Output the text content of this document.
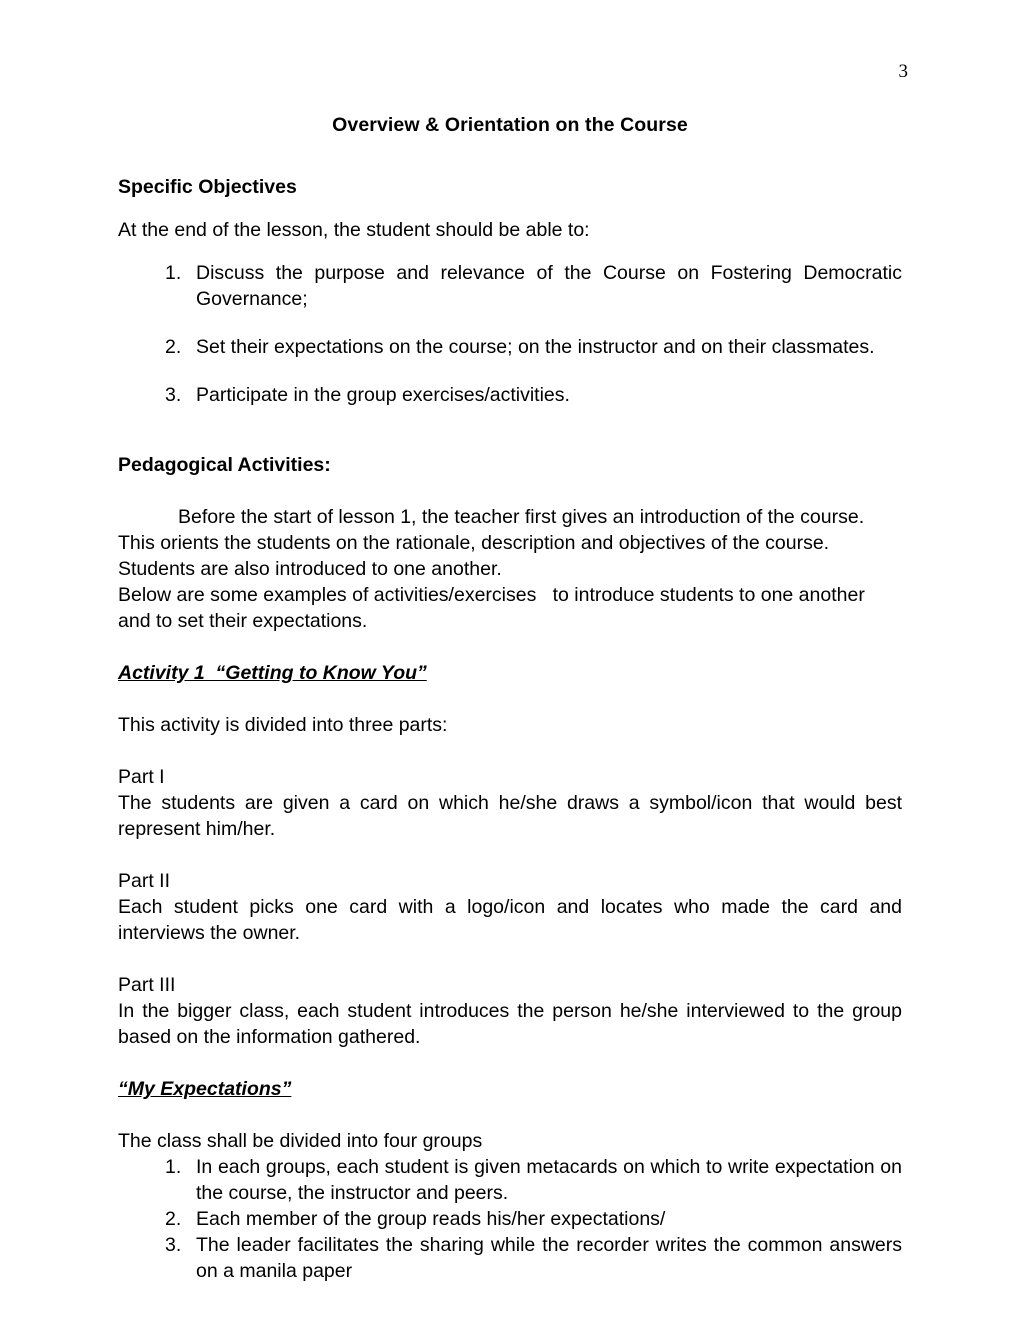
3
Overview & Orientation on the Course
Specific Objectives

At the end of the lesson, the student should be able to:

1. Discuss the purpose and relevance of the Course on Fostering Democratic Governance;
2. Set their expectations on the course; on the instructor and on their classmates.
3. Participate in the group exercises/activities.
Pedagogical Activities:

Before the start of lesson 1, the teacher first gives an introduction of the course.

This orients the students on the rationale, description and objectives of the course.

Students are also introduced to one another.

Below are some examples of activities/exercises   to introduce students to one another and to set their expectations.

Activity 1  “Getting to Know You”

This activity is divided into three parts:

Part I

The students are given a card on which he/she draws a symbol/icon that would best represent him/her.

Part II

Each student picks one card with a logo/icon and locates who made the card and interviews the owner.

Part III

In the bigger class, each student introduces the person he/she interviewed to the group based on the information gathered.

“My Expectations”

The class shall be divided into four groups

1. In each groups, each student is given metacards on which to write expectation on the course, the instructor and peers.
2. Each member of the group reads his/her expectations/
3. The leader facilitates the sharing while the recorder writes the common answers on a manila paper
